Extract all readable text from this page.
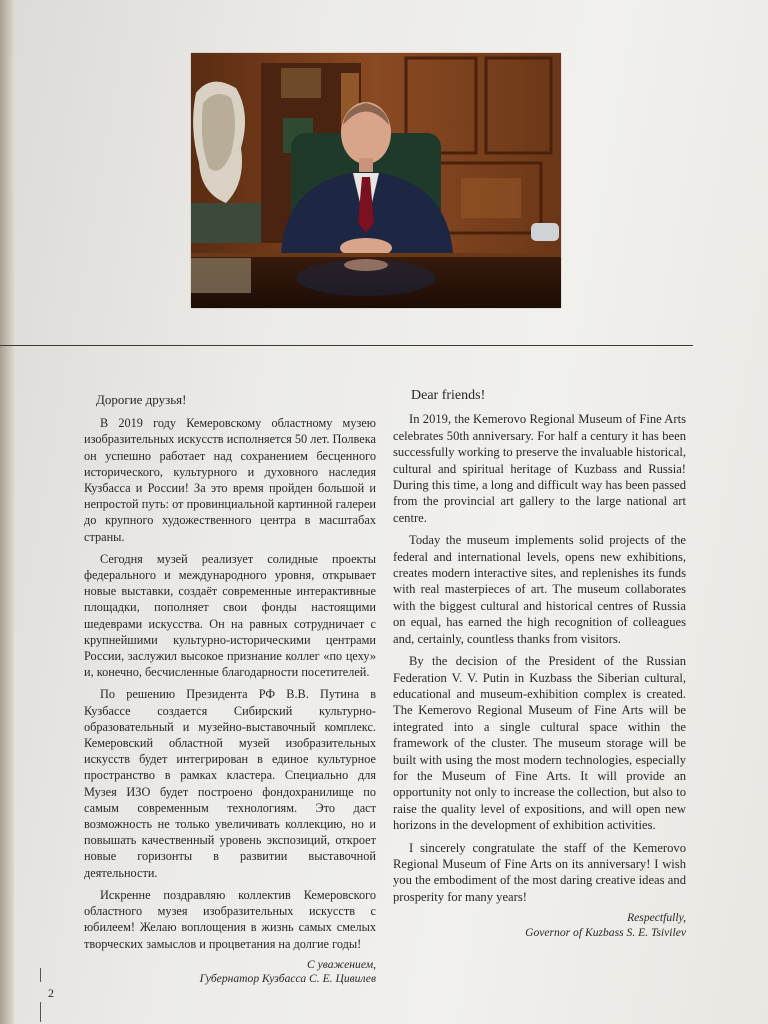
Дорогие друзья!

В 2019 году Кемеровскому областному музею изобразительных искусств исполняется 50 лет. Полвека он успешно работает над сохранением бесценного исторического, культурного и духовного наследия Кузбасса и России! За это время пройден большой и непростой путь: от провинциальной картинной галереи до крупного художественного центра в масштабах страны.

Сегодня музей реализует солидные проекты федерального и международного уровня, открывает новые выставки, создаёт современные интерактивные площадки, пополняет свои фонды настоящими шедеврами искусства. Он на равных сотрудничает с крупнейшими культурно-историческими центрами России, заслужил высокое признание коллег «по цеху» и, конечно, бесчисленные благодарности посетителей.

По решению Президента РФ В.В. Путина в Кузбассе создается Сибирский культурно-образовательный и музейно-выставочный комплекс. Кемеровский областной музей изобразительных искусств будет интегрирован в единое культурное пространство в рамках кластера. Специально для Музея ИЗО будет построено фондохранилище по самым современным технологиям. Это даст возможность не только увеличивать коллекцию, но и повышать качественный уровень экспозиций, откроет новые горизонты в развитии выставочной деятельности.

Искренне поздравляю коллектив Кемеровского областного музея изобразительных искусств с юбилеем! Желаю воплощения в жизнь самых смелых творческих замыслов и процветания на долгие годы!

С уважением,
Губернатор Кузбасса С. Е. Цивилев
Dear friends!

In 2019, the Kemerovo Regional Museum of Fine Arts celebrates 50th anniversary. For half a century it has been successfully working to preserve the invaluable historical, cultural and spiritual heritage of Kuzbass and Russia! During this time, a long and difficult way has been passed from the provincial art gallery to the large national art centre.

Today the museum implements solid projects of the federal and international levels, opens new exhibitions, creates modern interactive sites, and replenishes its funds with real masterpieces of art. The museum collaborates with the biggest cultural and historical centres of Russia on equal, has earned the high recognition of colleagues and, certainly, countless thanks from visitors.

By the decision of the President of the Russian Federation V. V. Putin in Kuzbass the Siberian cultural, educational and museum-exhibition complex is created. The Kemerovo Regional Museum of Fine Arts will be integrated into a single cultural space within the framework of the cluster. The museum storage will be built with using the most modern technologies, especially for the Museum of Fine Arts. It will provide an opportunity not only to increase the collection, but also to raise the quality level of expositions, and will open new horizons in the development of exhibition activities.

I sincerely congratulate the staff of the Kemerovo Regional Museum of Fine Arts on its anniversary! I wish you the embodiment of the most daring creative ideas and prosperity for many years!

Respectfully,
Governor of Kuzbass S. E. Tsivilev
2
